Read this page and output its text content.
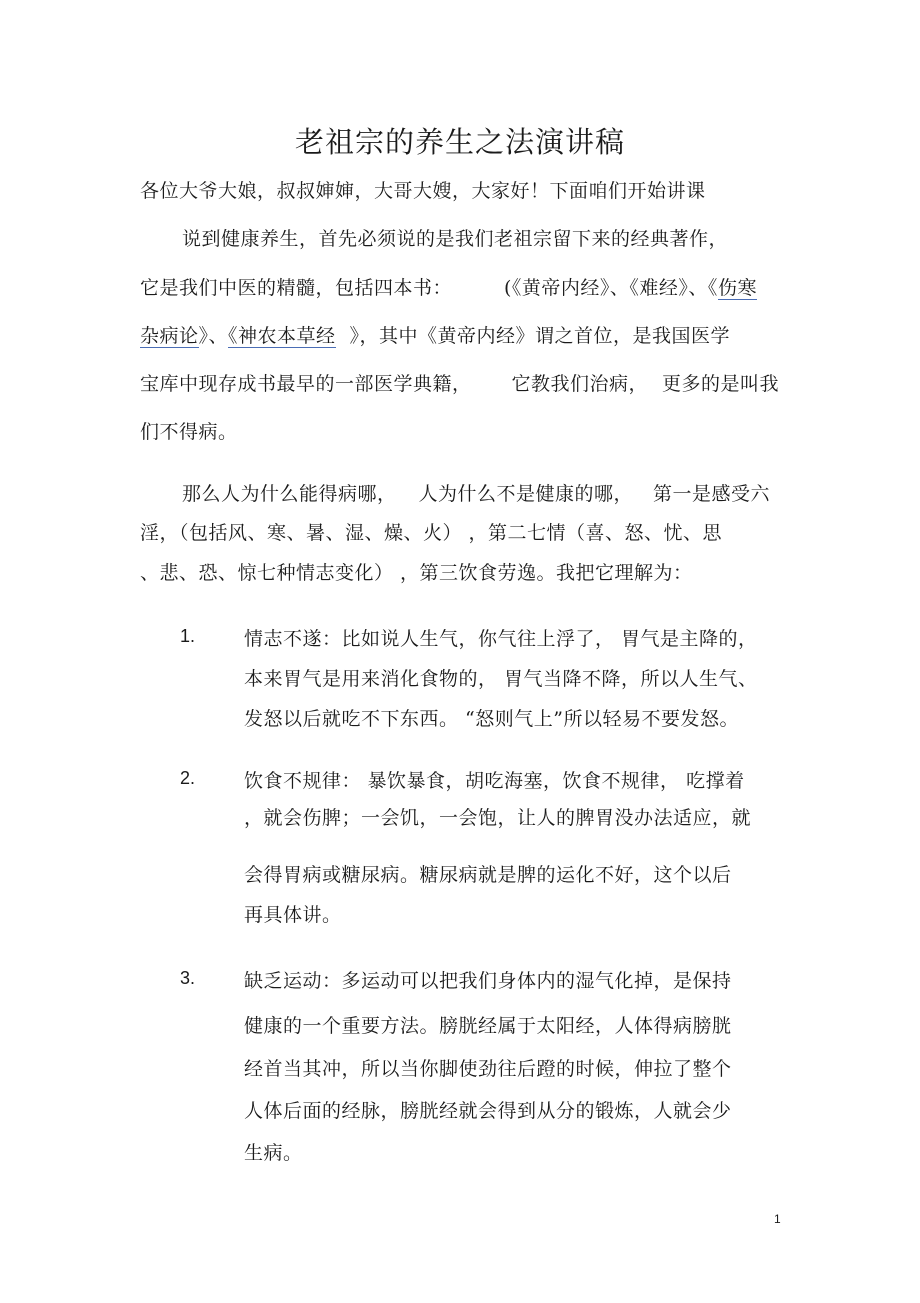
老祖宗的养生之法演讲稿
各位大爷大娘，叔叔婶婶，大哥大嫂，大家好！下面咱们开始讲课
说到健康养生，首先必须说的是我们老祖宗留下来的经典著作，
它是我们中医的精髓，包括四本书：	(《黄帝内经》、《难经》、《伤寒
杂病论》、《神农本草经 》，其中《黄帝内经》谓之首位，是我国医学
宝库中现存成书最早的一部医学典籍， 它教我们治病， 更多的是叫我
们不得病。
那么人为什么能得病哪， 人为什么不是健康的哪， 第一是感受六
淫，（包括风、寒、暑、湿、燥、火） ，第二七情（喜、怒、忧、思
、悲、恐、惊七种情志变化） ，第三饮食劳逸。我把它理解为：
1.	情志不遂：比如说人生气，你气往上浮了， 胃气是主降的，
本来胃气是用来消化食物的， 胃气当降不降，所以人生气、
发怒以后就吃不下东西。 “怒则气上”所以轻易不要发怒。
2.	饮食不规律： 暴饮暴食，胡吃海塞，饮食不规律， 吃撑着
，就会伤脾；一会饥，一会饱，让人的脾胃没办法适应，就
会得胃病或糖尿病。糖尿病就是脾的运化不好，这个以后
再具体讲。
3.	缺乏运动：多运动可以把我们身体内的湿气化掉，是保持
健康的一个重要方法。膀胱经属于太阳经，人体得病膀胱
经首当其冲，所以当你脚使劲往后蹬的时候，伸拉了整个
人体后面的经脉，膀胱经就会得到从分的锻炼，人就会少
生病。
1
